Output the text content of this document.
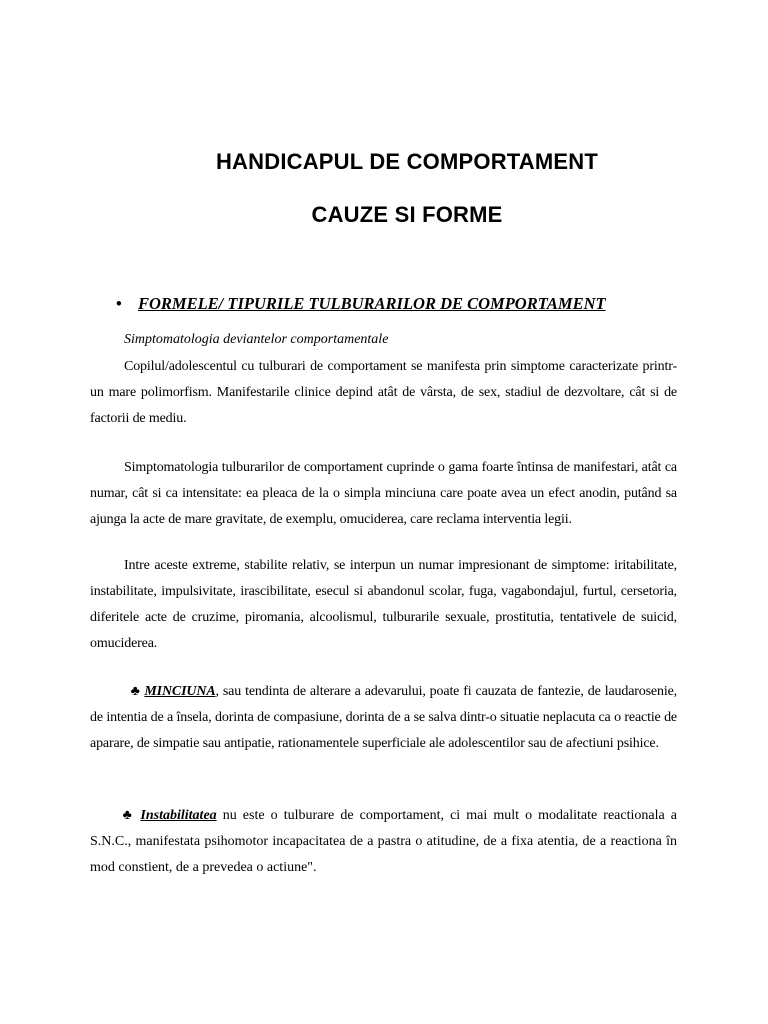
HANDICAPUL DE COMPORTAMENT
CAUZE SI FORME
• FORMELE/ TIPURILE TULBURARILOR DE COMPORTAMENT
Simptomatologia deviantelor comportamentale

Copilul/adolescentul cu tulburari de comportament se manifesta prin simptome caracterizate printr-un mare polimorfism. Manifestarile clinice depind atât de vârsta, de sex, stadiul de dezvoltare, cât si de factorii de mediu.

Simptomatologia tulburarilor de comportament cuprinde o gama foarte întinsa de manifestari, atât ca numar, cât si ca intensitate: ea pleaca de la o simpla minciuna care poate avea un efect anodin, putând sa ajunga la acte de mare gravitate, de exemplu, omuciderea, care reclama interventia legii.

Intre aceste extreme, stabilite relativ, se interpun un numar impresionant de simptome: iritabilitate, instabilitate, impulsivitate, irascibilitate, esecul si abandonul scolar, fuga, vagabondajul, furtul, cersetoria, diferitele acte de cruzime, piromania, alcoolismul, tulburarile sexuale, prostitutia, tentativele de suicid, omuciderea.

♣ MINCIUNA, sau tendinta de alterare a adevarului, poate fi cauzata de fantezie, de laudarosenie, de intentia de a însela, dorinta de compasiune, dorinta de a se salva dintr-o situatie neplacuta ca o reactie de aparare, de simpatie sau antipatie, rationamentele superficiale ale adolescentilor sau de afectiuni psihice.

♣ Instabilitatea nu este o tulburare de comportament, ci mai mult o modalitate reactionala a S.N.C., manifestata psihomotor incapacitatea de a pastra o atitudine, de a fixa atentia, de a reactiona în mod constient, de a prevedea o actiune".
